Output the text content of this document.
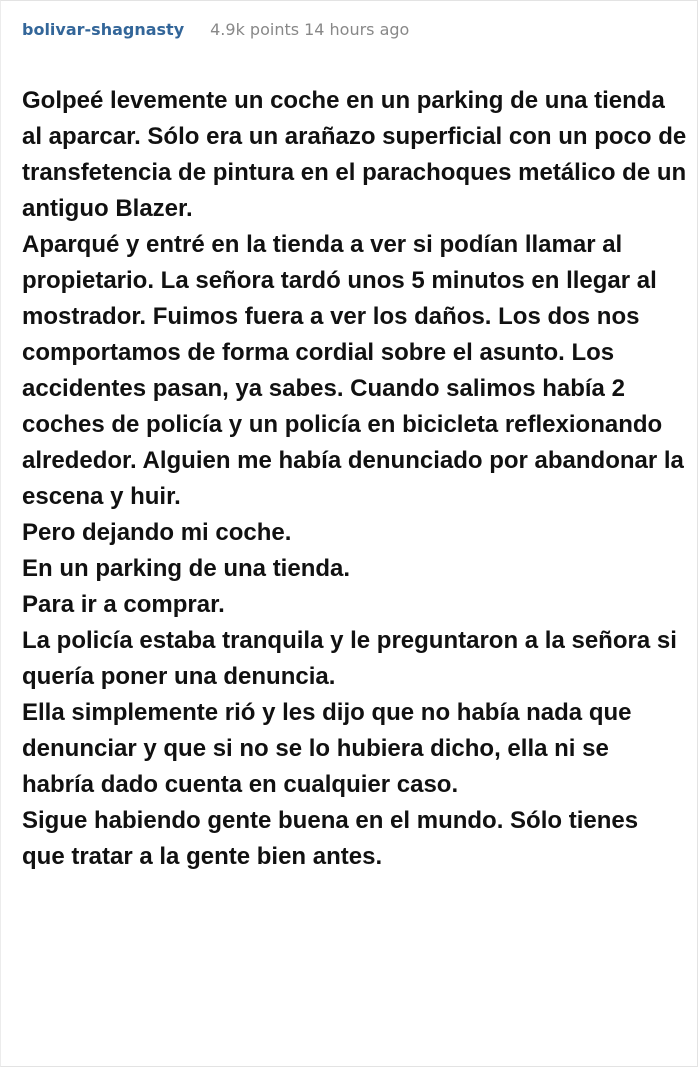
bolivar-shagnasty 4.9k points 14 hours ago

Golpeé levemente un coche en un parking de una tienda al aparcar. Sólo era un arañazo superficial con un poco de transfetencia de pintura en el parachoques metálico de un antiguo Blazer.

Aparqué y entré en la tienda a ver si podían llamar al propietario. La señora tardó unos 5 minutos en llegar al mostrador. Fuimos fuera a ver los daños. Los dos nos comportamos de forma cordial sobre el asunto. Los accidentes pasan, ya sabes. Cuando salimos había 2 coches de policía y un policía en bicicleta reflexionando alrededor. Alguien me había denunciado por abandonar la escena y huir.

Pero dejando mi coche.

En un parking de una tienda.

Para ir a comprar.

La policía estaba tranquila y le preguntaron a la señora si quería poner una denuncia.

Ella simplemente rió y les dijo que no había nada que denunciar y que si no se lo hubiera dicho, ella ni se habría dado cuenta en cualquier caso.

Sigue habiendo gente buena en el mundo. Sólo tienes que tratar a la gente bien antes.
